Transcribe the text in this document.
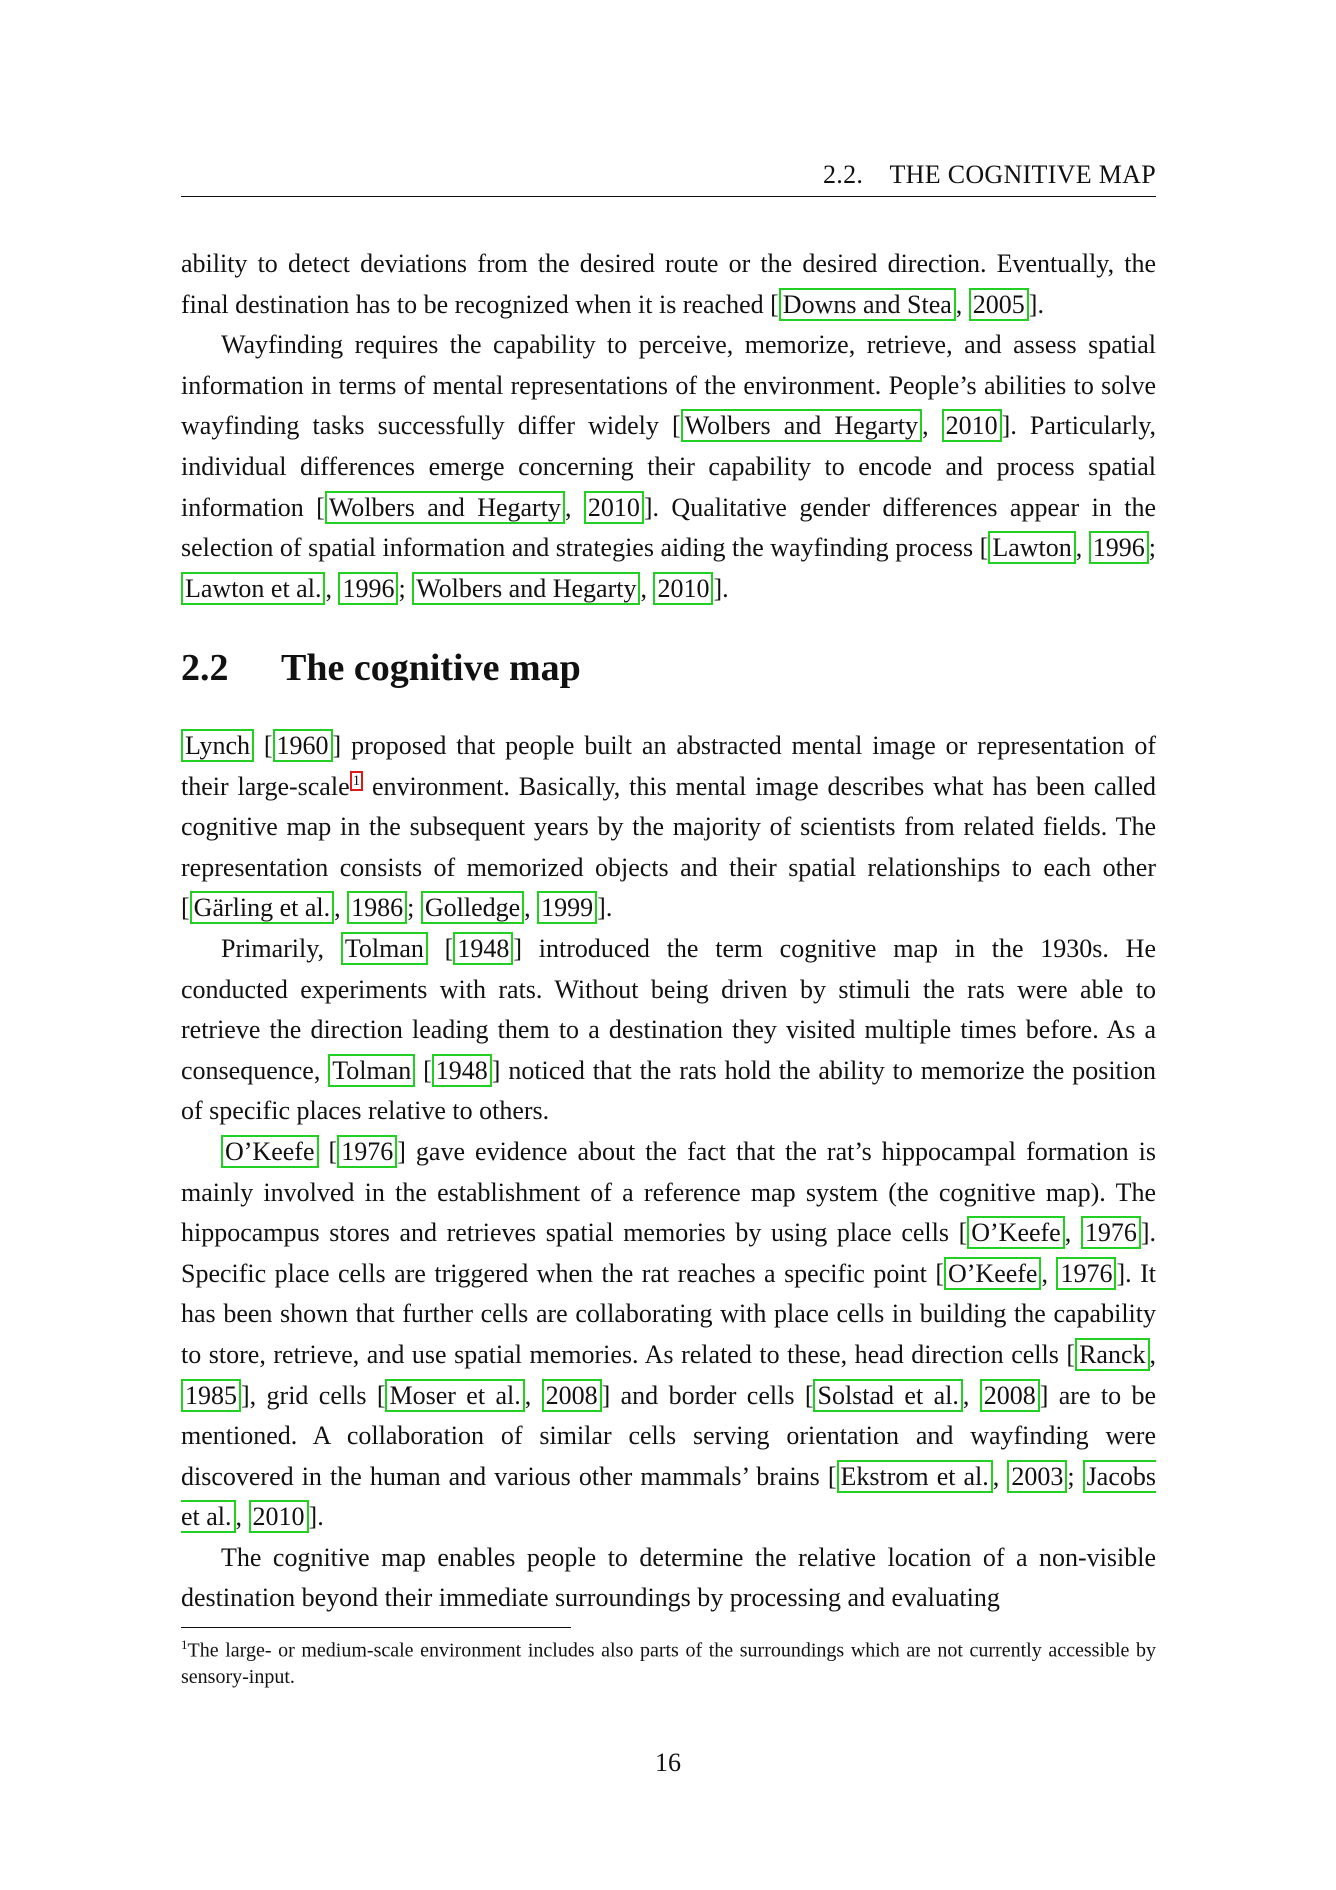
2.2. THE COGNITIVE MAP

ability to detect deviations from the desired route or the desired direction. Eventually, the final destination has to be recognized when it is reached [ Downs and Stea , 2005 ].

Wayfinding requires the capability to perceive, memorize, retrieve, and assess spatial information in terms of mental representations of the environment. People’s abilities to solve wayfinding tasks successfully differ widely [ Wolbers and Hegarty , 2010 ]. Particularly, individual differences emerge concerning their capability to encode and process spatial information [ Wolbers and Hegarty , 2010 ]. Qualitative gender differences appear in the selection of spatial information and strategies aiding the wayfinding process [ Lawton , 1996 ; Lawton et al. , 1996 ; Wolbers and Hegarty , 2010 ].

2.2 The cognitive map

Lynch [ 1960 ] proposed that people built an abstracted mental image or representation of their large-scale $^1$ environment. Basically, this mental image describes what has been called cognitive map in the subsequent years by the majority of scientists from related fields. The representation consists of memorized objects and their spatial relationships to each other [ Gärling et al. , 1986 ; Golledge , 1999 ].

Primarily, Tolman [ 1948 ] introduced the term cognitive map in the 1930s. He conducted experiments with rats. Without being driven by stimuli the rats were able to retrieve the direction leading them to a destination they visited multiple times before. As a consequence, Tolman [ 1948 ] noticed that the rats hold the ability to memorize the position of specific places relative to others.

O’Keefe [ 1976 ] gave evidence about the fact that the rat’s hippocampal formation is mainly involved in the establishment of a reference map system (the cognitive map). The hippocampus stores and retrieves spatial memories by using place cells [ O’Keefe , 1976 ]. Specific place cells are triggered when the rat reaches a specific point [ O’Keefe , 1976 ]. It has been shown that further cells are collaborating with place cells in building the capability to store, retrieve, and use spatial memories. As related to these, head direction cells [ Ranck , 1985 ], grid cells [ Moser et al. , 2008 ] and border cells [ Solstad et al. , 2008 ] are to be mentioned. A collaboration of similar cells serving orientation and wayfinding were discovered in the human and various other mammals’ brains [ Ekstrom et al. , 2003 ; Jacobs et al. , 2010 ].

The cognitive map enables people to determine the relative location of a non-visible destination beyond their immediate surroundings by processing and evaluating

$^1$The large- or medium-scale environment includes also parts of the surroundings which are not currently accessible by sensory-input.
16
